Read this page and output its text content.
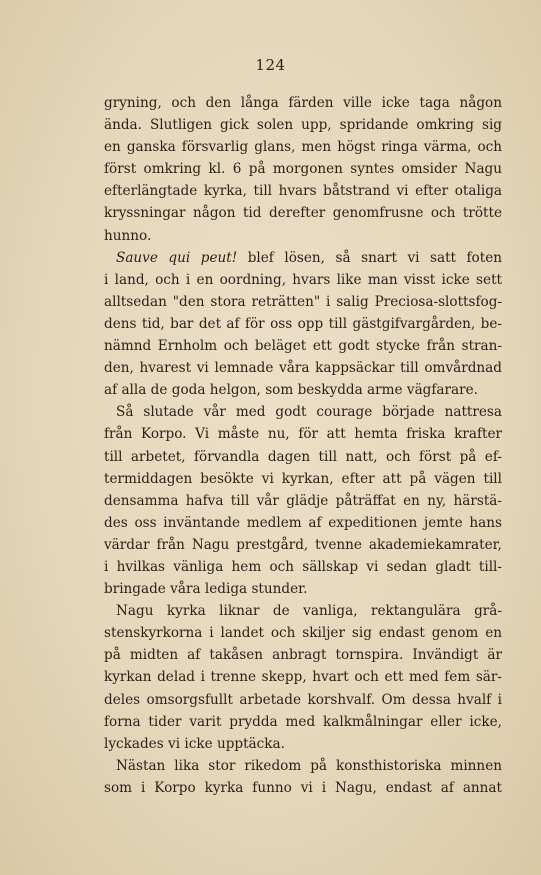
124
gryning, och den långa färden ville icke taga någon
ända. Slutligen gick solen upp, spridande omkring sig
en ganska försvarlig glans, men högst ringa värma, och
först omkring kl. 6 på morgonen syntes omsider Nagu
efterlängtade kyrka, till hvars båtstrand vi efter otaliga
kryssningar någon tid derefter genomfrusne och trötte
hunno.
Sauve qui peut! blef lösen, så snart vi satt foten
i land, och i en oordning, hvars like man visst icke sett
alltsedan "den stora reträtten" i salig Preciosa-slottsfog-
dens tid, bar det af för oss opp till gästgifvargården, be-
nämnd Ernholm och beläget ett godt stycke från stran-
den, hvarest vi lemnade våra kappsäckar till omvårdnad
af alla de goda helgon, som beskydda arme vägfarare.
Så slutade vår med godt courage började nattresa
från Korpo. Vi måste nu, för att hemta friska krafter
till arbetet, förvandla dagen till natt, och först på ef-
termiddagen besökte vi kyrkan, efter att på vägen till
densamma hafva till vår glädje påträffat en ny, härstä-
des oss inväntande medlem af expeditionen jemte hans
värdar från Nagu prestgård, tvenne akademiekamrater,
i hvilkas vänliga hem och sällskap vi sedan gladt till-
bringade våra lediga stunder.
Nagu kyrka liknar de vanliga, rektangulära grå-
stenskyrkorna i landet och skiljer sig endast genom en
på midten af takåsen anbragt tornspira. Invändigt är
kyrkan delad i trenne skepp, hvart och ett med fem sär-
deles omsorgsfullt arbetade korshvalf. Om dessa hvalf i
forna tider varit prydda med kalkmålningar eller icke,
lyckades vi icke upptäcka.
Nästan lika stor rikedom på konsthistoriska minnen
som i Korpo kyrka funno vi i Nagu, endast af annat
